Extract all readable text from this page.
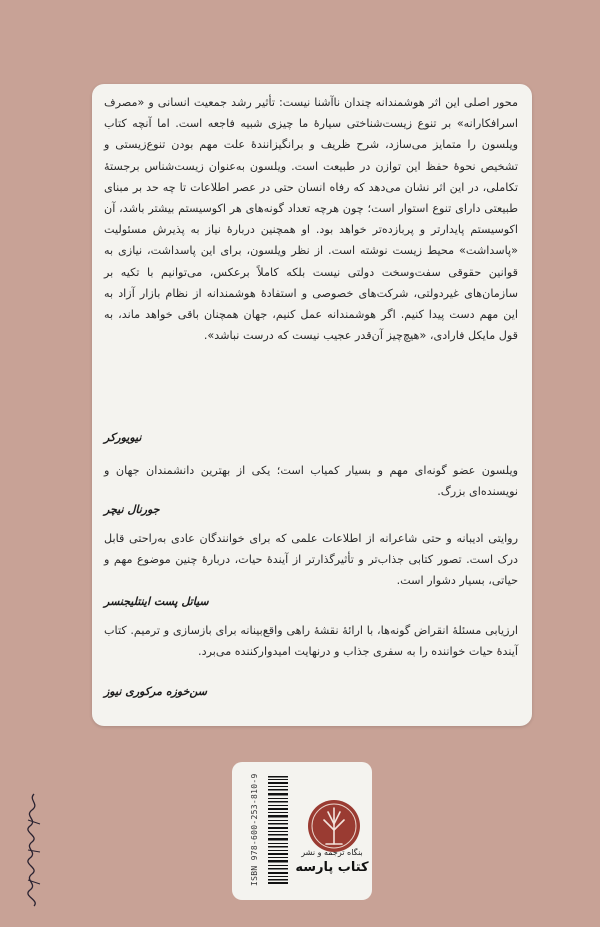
محور اصلی این اثر هوشمندانه چندان ناآشنا نیست: تأثیر رشد جمعیت انسانی و «مصرف اسرافکارانه» بر تنوع زیست‌شناختی سیارهٔ ما چیزی شبیه فاجعه است. اما آنچه کتاب ویلسون را متمایز می‌سازد، شرح ظریف و برانگیزانندهٔ علت مهم بودن تنوع‌زیستی و تشخیص نحوهٔ حفظ این توازن در طبیعت است. ویلسون به‌عنوان زیست‌شناس برجستهٔ تکاملی، در این اثر نشان می‌دهد که رفاه انسان حتی در عصر اطلاعات تا چه حد بر مبنای طبیعتی دارای تنوع استوار است؛ چون هرچه تعداد گونه‌های هر اکوسیستم بیشتر باشد، آن اکوسیستم پایدارتر و پربازده‌تر خواهد بود. او همچنین دربارهٔ نیاز به پذیرش مسئولیت «پاسداشت» محیط زیست نوشته است. از نظر ویلسون، برای این پاسداشت، نیازی به قوانین حقوقی سفت‌وسخت دولتی نیست بلکه کاملاً برعکس، می‌توانیم با تکیه بر سازمان‌های غیردولتی، شرکت‌های خصوصی و استفادهٔ هوشمندانه از نظام بازار آزاد به این مهم دست پیدا کنیم. اگر هوشمندانه عمل کنیم، جهان همچنان باقی خواهد ماند، به قول مایکل فارادی، «هیچ‌چیز آن‌قدر عجیب نیست که درست نباشد».
نیویورکر
ویلسون عضو گونه‌ای مهم و بسیار کمیاب است؛ یکی از بهترین دانشمندان جهان و نویسنده‌ای بزرگ.
جورنال نیچر
روایتی ادیبانه و حتی شاعرانه از اطلاعات علمی که برای خوانندگان عادی به‌راحتی قابل درک است. تصور کتابی جذاب‌تر و تأثیرگذارتر از آیندهٔ حیات، دربارهٔ چنین موضوع مهم و حیاتی، بسیار دشوار است.
سیاتل پست اینتلیجنسر
ارزیابی مسئلهٔ انقراض گونه‌ها، با ارائهٔ نقشهٔ راهی واقع‌بینانه برای بازسازی و ترمیم. کتاب آیندهٔ حیات خواننده را به سفری جذاب و درنهایت امیدوارکننده می‌برد.
سن‌خوزه مرکوری نیوز
ISBN 978-600-253-810-9	بنگاه ترجمه و نشر
کتاب پارسه
